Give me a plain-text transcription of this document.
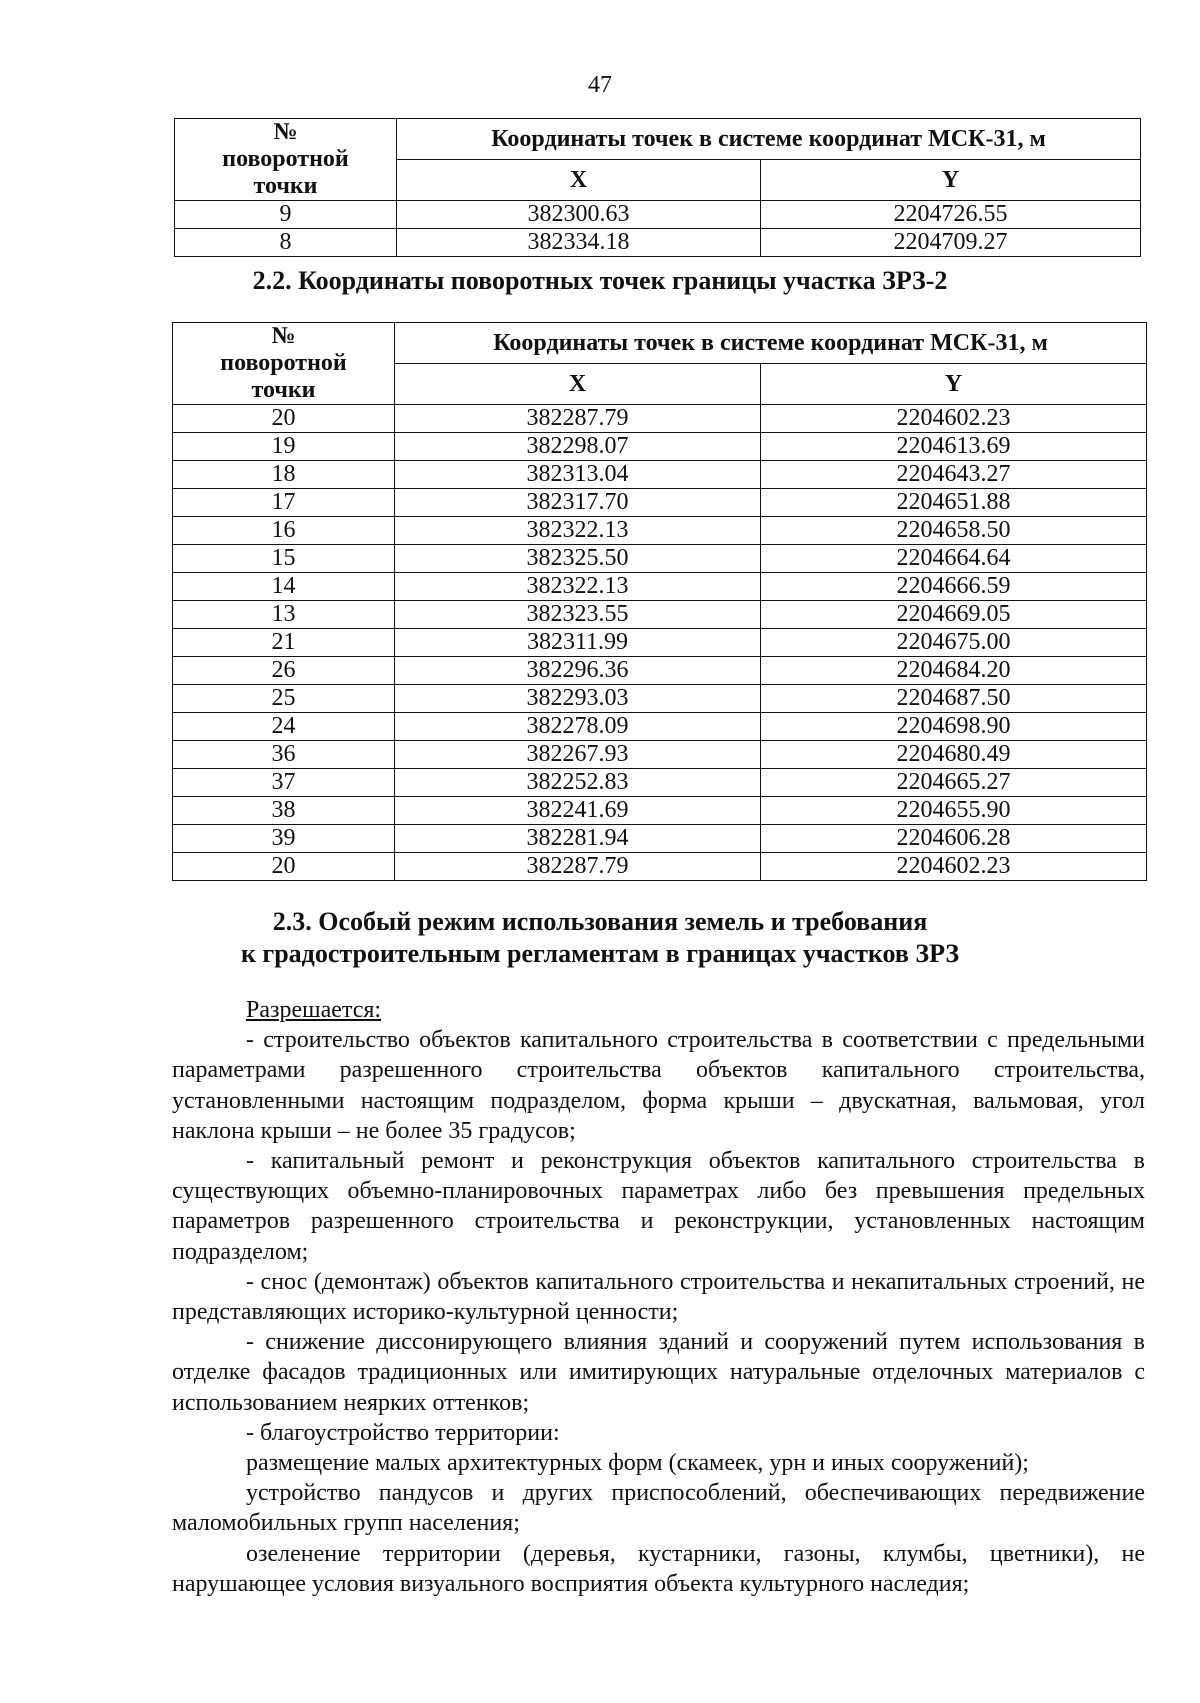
47
№ поворотной точки	Координаты точек в системе координат МСК-31, м	
	X	Y
9	382300.63	2204726.55
8	382334.18	2204709.27
2.2. Координаты поворотных точек границы участка ЗРЗ-2
№ поворотной точки	Координаты точек в системе координат МСК-31, м	
	X	Y
20	382287.79	2204602.23
19	382298.07	2204613.69
18	382313.04	2204643.27
17	382317.70	2204651.88
16	382322.13	2204658.50
15	382325.50	2204664.64
14	382322.13	2204666.59
13	382323.55	2204669.05
21	382311.99	2204675.00
26	382296.36	2204684.20
25	382293.03	2204687.50
24	382278.09	2204698.90
36	382267.93	2204680.49
37	382252.83	2204665.27
38	382241.69	2204655.90
39	382281.94	2204606.28
20	382287.79	2204602.23
2.3. Особый режим использования земель и требования
к градостроительным регламентам в границах участков ЗРЗ

Разрешается:

- строительство объектов капитального строительства в соответствии с предельными параметрами разрешенного строительства объектов капитального строительства, установленными настоящим подразделом, форма крыши – двускатная, вальмовая, угол наклона крыши – не более 35 градусов;

- капитальный ремонт и реконструкция объектов капитального строительства в существующих объемно-планировочных параметрах либо без превышения предельных параметров разрешенного строительства и реконструкции, установленных настоящим подразделом;

- снос (демонтаж) объектов капитального строительства и некапитальных строений, не представляющих историко-культурной ценности;

- снижение диссонирующего влияния зданий и сооружений путем использования в отделке фасадов традиционных или имитирующих натуральные отделочных материалов с использованием неярких оттенков;

- благоустройство территории:

размещение малых архитектурных форм (скамеек, урн и иных сооружений);

устройство пандусов и других приспособлений, обеспечивающих передвижение маломобильных групп населения;

озеленение территории (деревья, кустарники, газоны, клумбы, цветники), не нарушающее условия визуального восприятия объекта культурного наследия;
